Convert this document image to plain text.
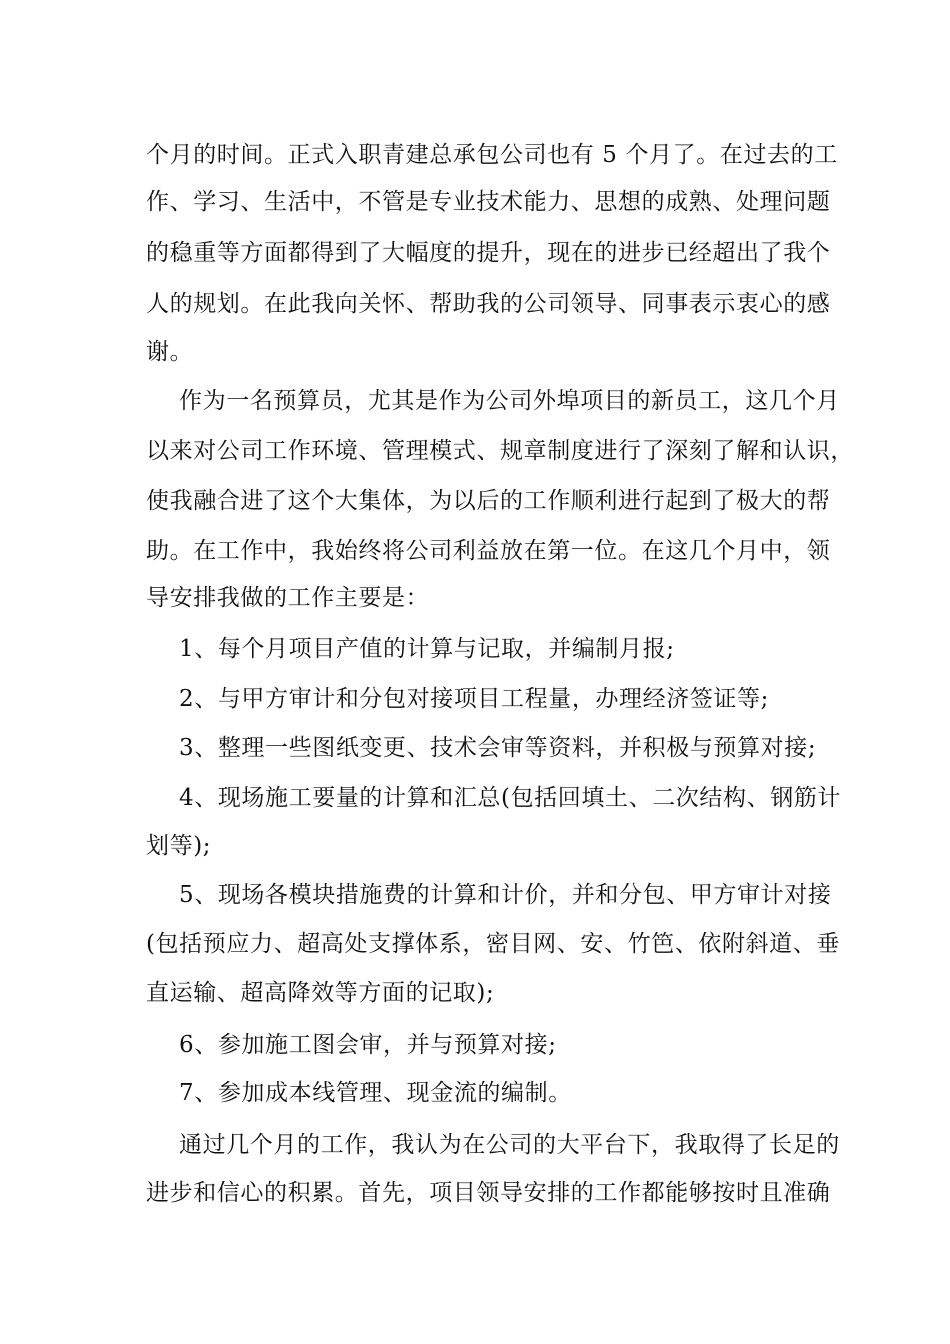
个月的时间。正式入职青建总承包公司也有 5 个月了。在过去的工
作、学习、生活中，不管是专业技术能力、思想的成熟、处理问题
的稳重等方面都得到了大幅度的提升，现在的进步已经超出了我个
人的规划。在此我向关怀、帮助我的公司领导、同事表示衷心的感
谢。
作为一名预算员，尤其是作为公司外埠项目的新员工，这几个月
以来对公司工作环境、管理模式、规章制度进行了深刻了解和认识，
使我融合进了这个大集体，为以后的工作顺利进行起到了极大的帮
助。在工作中，我始终将公司利益放在第一位。在这几个月中，领
导安排我做的工作主要是：
1、每个月项目产值的计算与记取，并编制月报;
2、与甲方审计和分包对接项目工程量，办理经济签证等;
3、整理一些图纸变更、技术会审等资料，并积极与预算对接;
4、现场施工要量的计算和汇总(包括回填土、二次结构、钢筋计
划等);
5、现场各模块措施费的计算和计价，并和分包、甲方审计对接
(包括预应力、超高处支撑体系，密目网、安、竹笆、依附斜道、垂
直运输、超高降效等方面的记取);
6、参加施工图会审，并与预算对接;
7、参加成本线管理、现金流的编制。
通过几个月的工作，我认为在公司的大平台下，我取得了长足的
进步和信心的积累。首先，项目领导安排的工作都能够按时且准确
